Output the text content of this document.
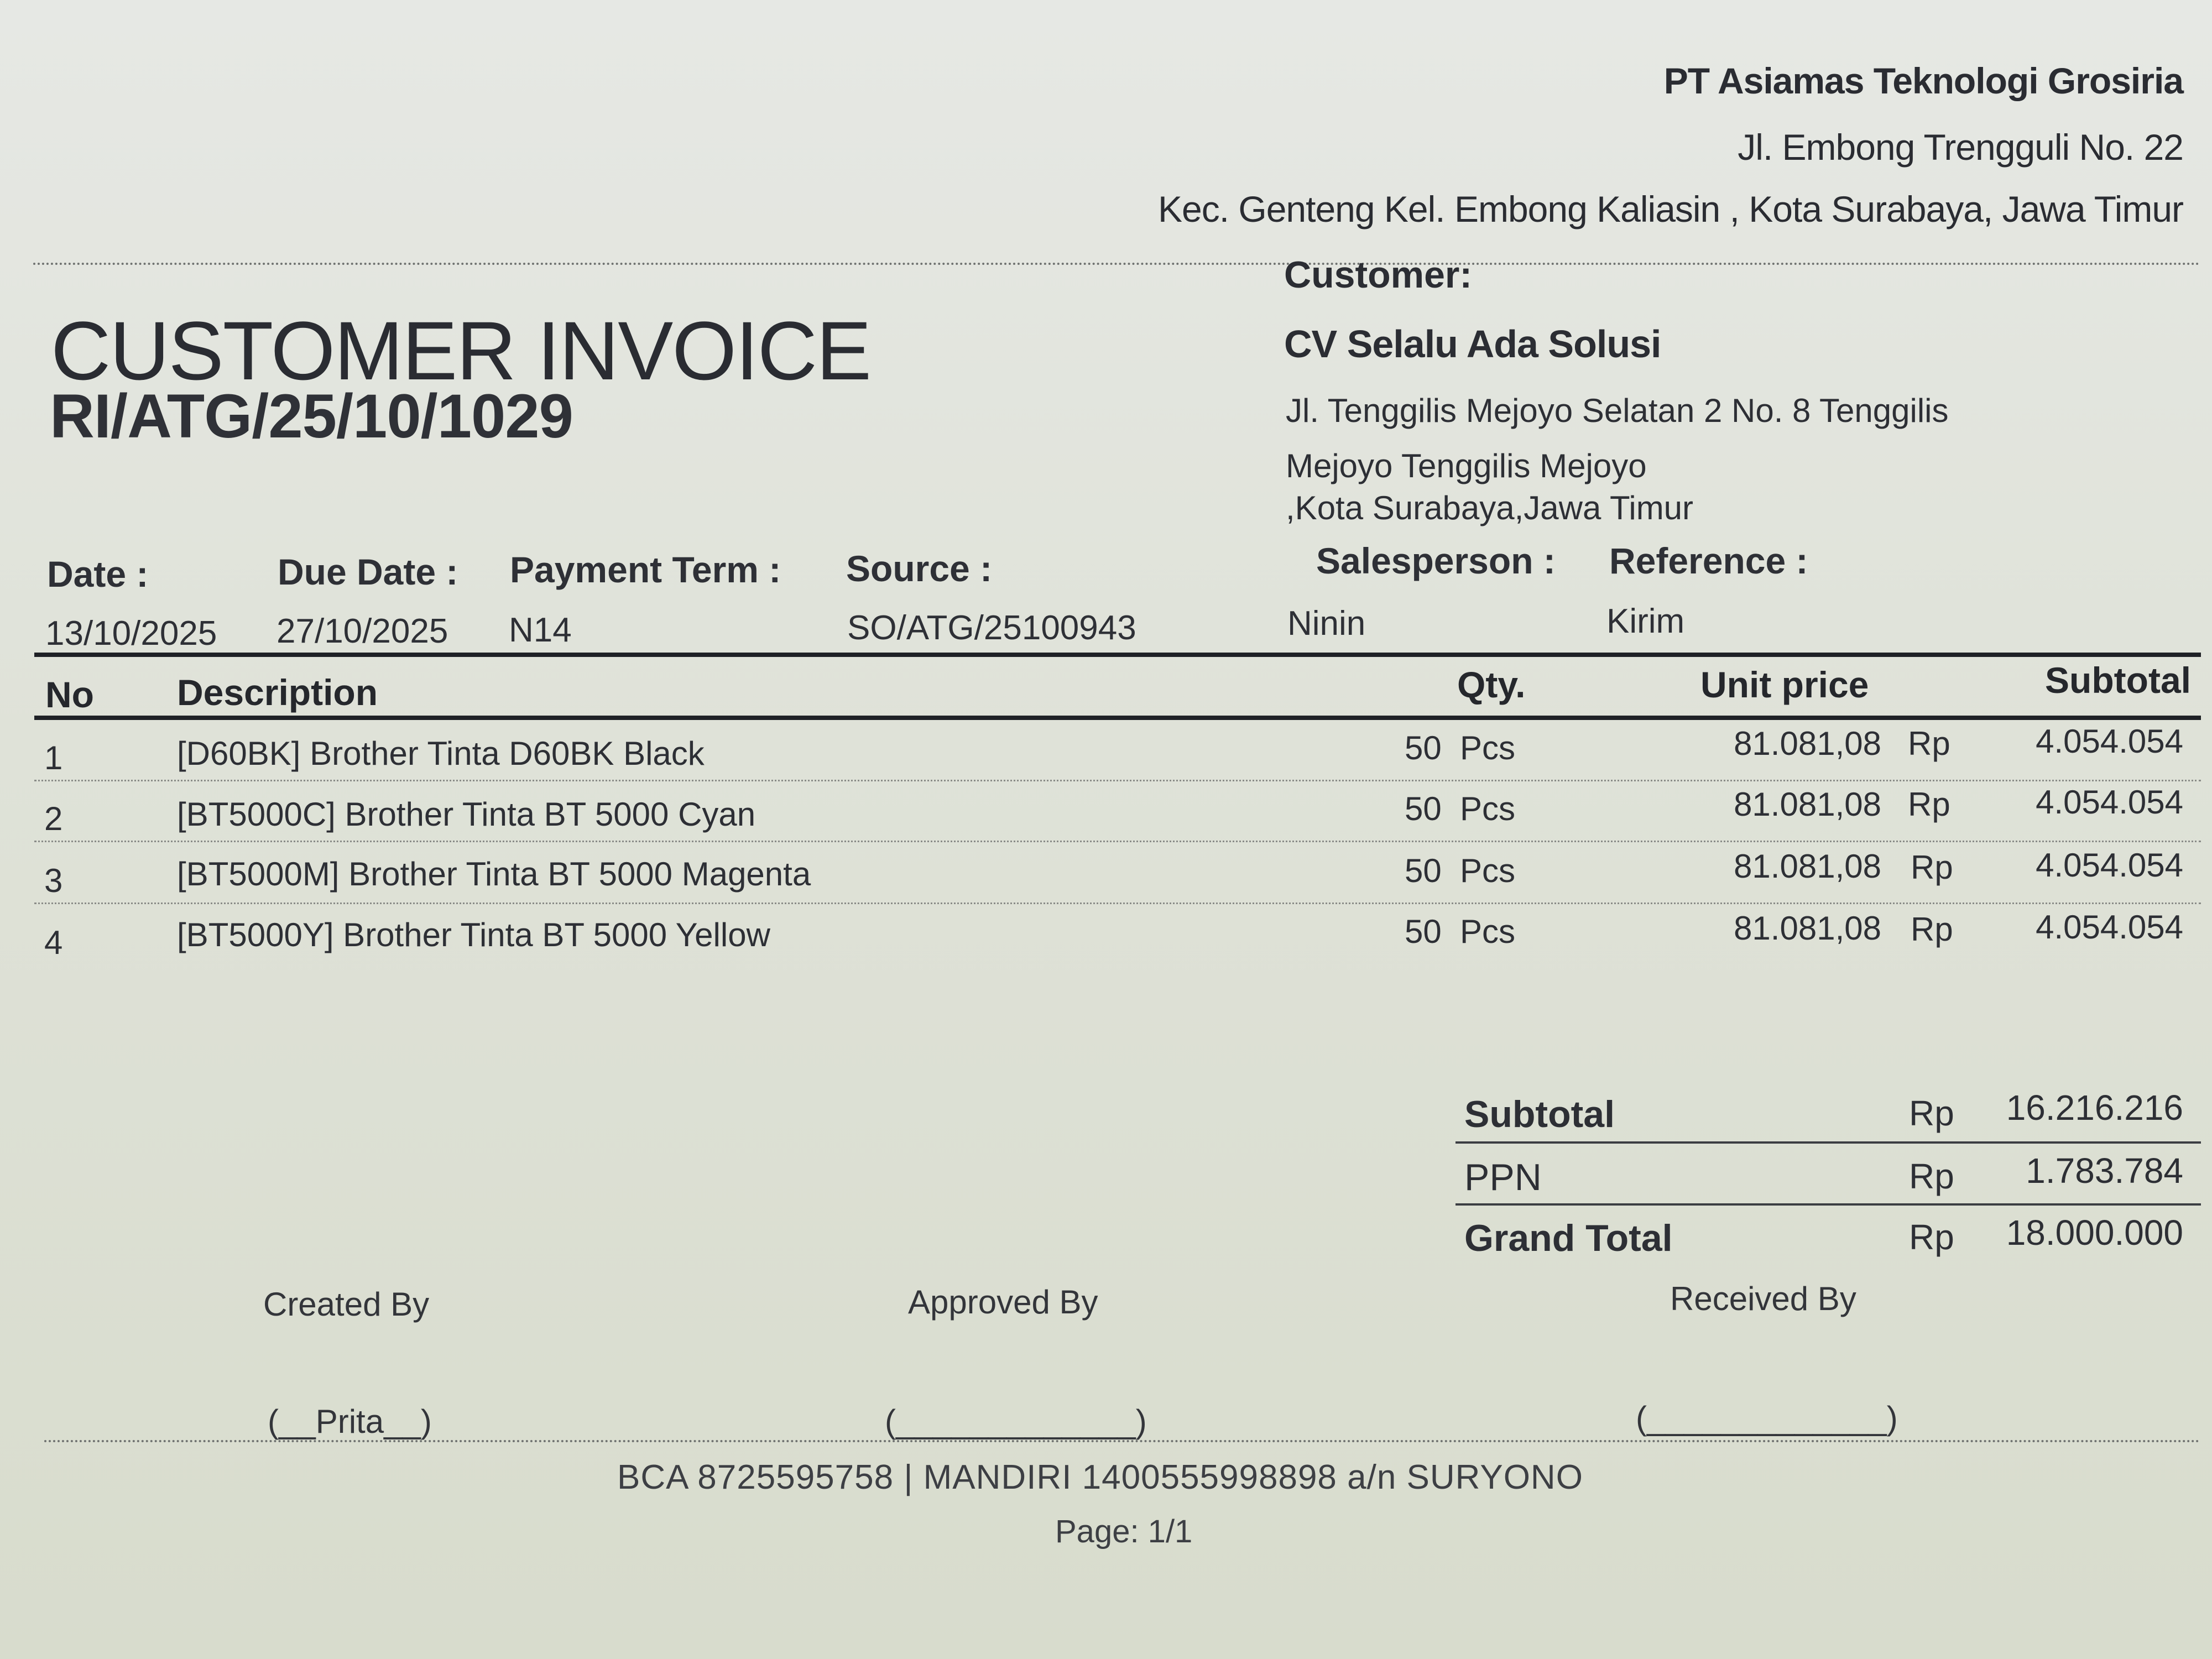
PT Asiamas Teknologi Grosiria
Jl. Embong Trengguli No. 22
Kec. Genteng Kel. Embong Kaliasin , Kota Surabaya, Jawa Timur
CUSTOMER INVOICE
RI/ATG/25/10/1029
Customer:
CV Selalu Ada Solusi
Jl. Tenggilis Mejoyo Selatan 2 No. 8 Tenggilis
Mejoyo Tenggilis Mejoyo
,Kota Surabaya,Jawa Timur
Date :	Due Date : Payment Term : Source :	Salesperson : Reference :
13/10/2025 27/10/2025 N14	SO/ATG/25100943	Ninin	Kirim
No Description	Qty.	Unit price	Subtotal
1	[D60BK] Brother Tinta D60BK Black	50 Pcs	81.081,08 Rp	4.054.054
2	[BT5000C] Brother Tinta BT 5000 Cyan	50 Pcs	81.081,08 Rp	4.054.054
3	[BT5000M] Brother Tinta BT 5000 Magenta	50 Pcs	81.081,08 Rp 4.054.054
4	[BT5000Y] Brother Tinta BT 5000 Yellow	50 Pcs	81.081,08 Rp 4.054.054
Subtotal	Rp 16.216.216
PPN	Rp 1.783.784
Grand Total	Rp 18.000.000
Created By	Approved By	Received By
(__Prita__)	(_____________)	(_____________)
BCA 8725595758 | MANDIRI 1400555998898 a/n SURYONO
Page: 1/1
